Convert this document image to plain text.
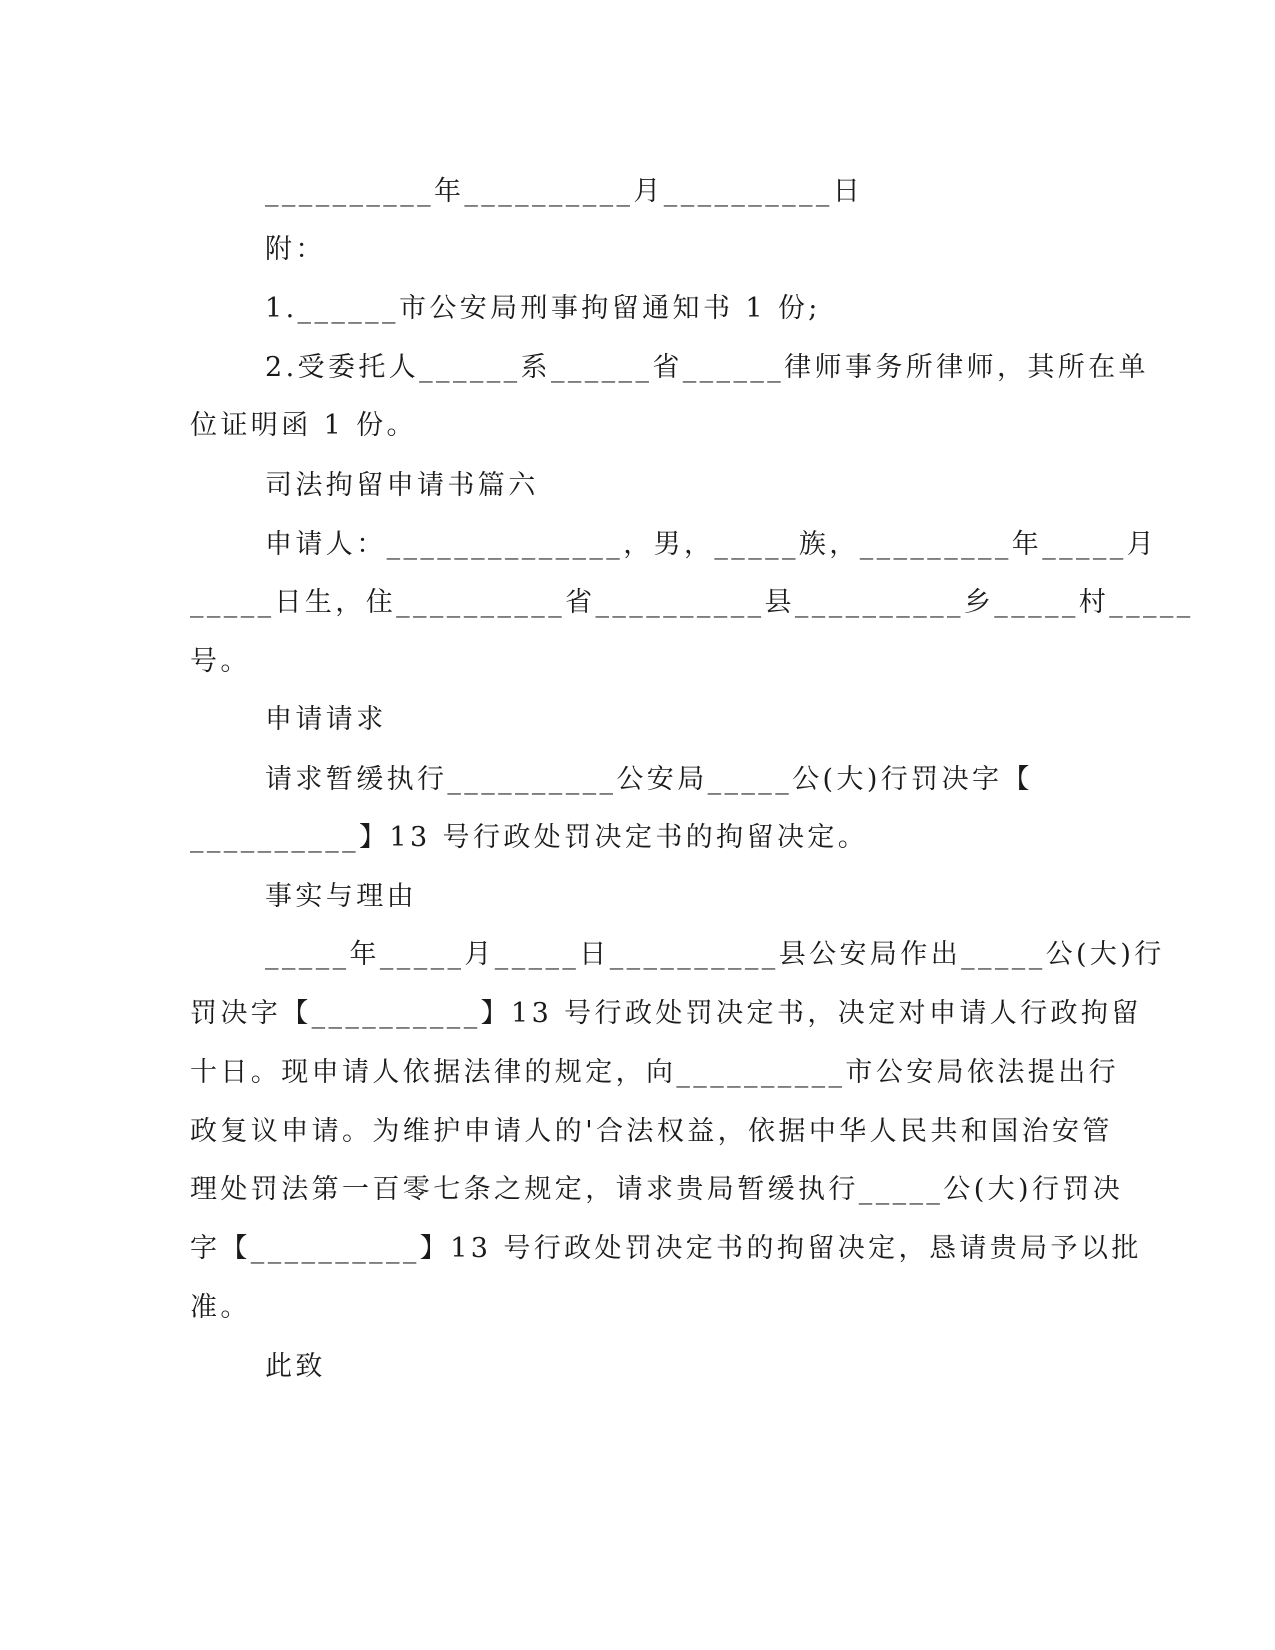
__________年__________月__________日
附：
1.______市公安局刑事拘留通知书 1 份;
2.受委托人______系______省______律师事务所律师，其所在单
位证明函 1 份。
司法拘留申请书篇六
申请人：______________，男，_____族，_________年_____月
_____日生，住__________省__________县__________乡_____村_____
号。
申请请求
请求暂缓执行__________公安局_____公(大)行罚决字【
__________】13 号行政处罚决定书的拘留决定。
事实与理由
_____年_____月_____日__________县公安局作出_____公(大)行
罚决字【__________】13 号行政处罚决定书，决定对申请人行政拘留
十日。现申请人依据法律的规定，向__________市公安局依法提出行
政复议申请。为维护申请人的'合法权益，依据中华人民共和国治安管
理处罚法第一百零七条之规定，请求贵局暂缓执行_____公(大)行罚决
字【__________】13 号行政处罚决定书的拘留决定，恳请贵局予以批
准。
此致
